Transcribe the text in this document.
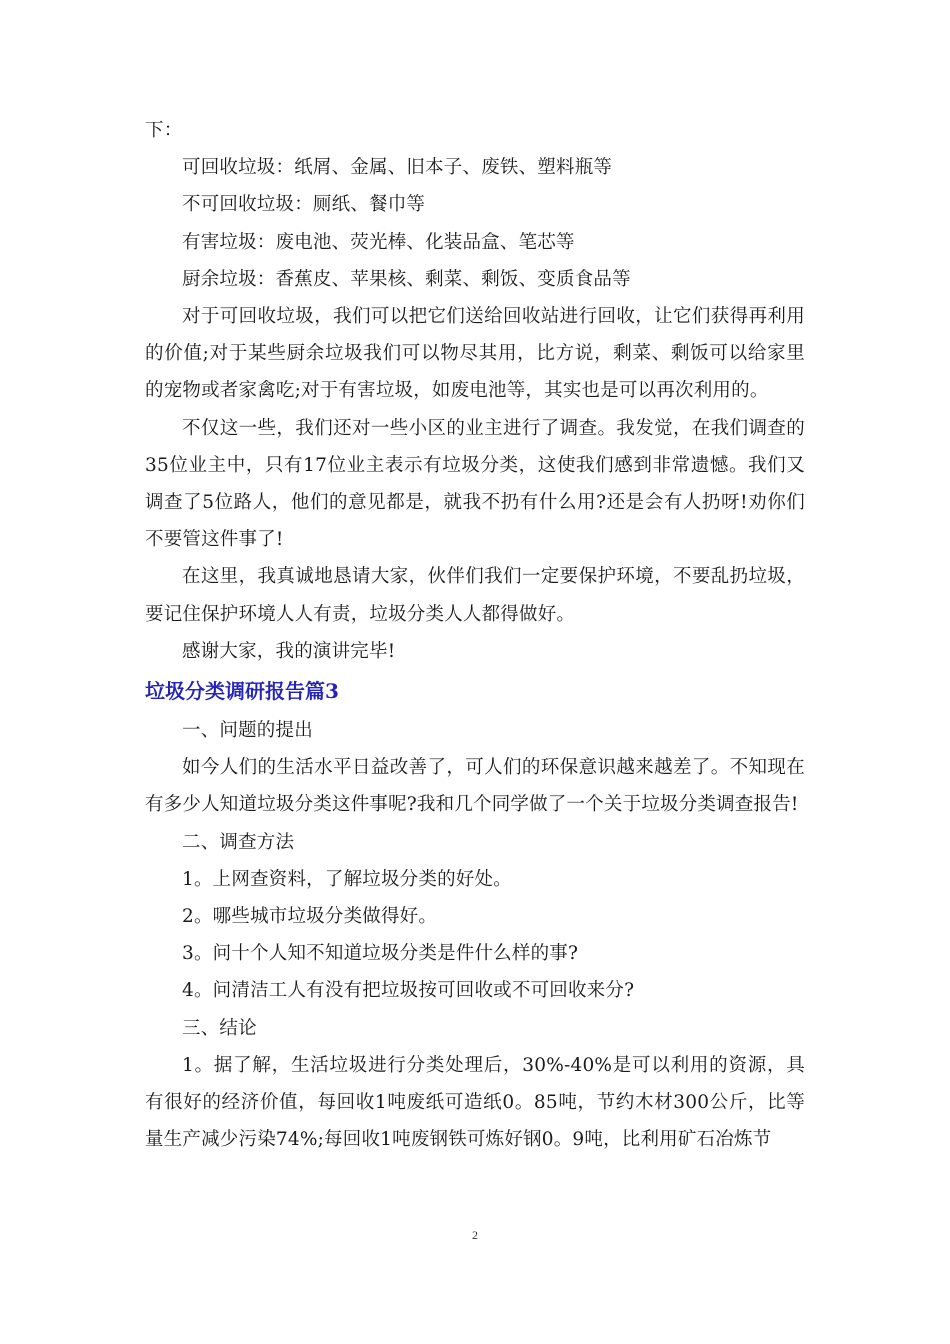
下：

可回收垃圾：纸屑、金属、旧本子、废铁、塑料瓶等

不可回收垃圾：厕纸、餐巾等

有害垃圾：废电池、荧光棒、化装品盒、笔芯等

厨余垃圾：香蕉皮、苹果核、剩菜、剩饭、变质食品等

对于可回收垃圾，我们可以把它们送给回收站进行回收，让它们获得再利用的价值;对于某些厨余垃圾我们可以物尽其用，比方说，剩菜、剩饭可以给家里的宠物或者家禽吃;对于有害垃圾，如废电池等，其实也是可以再次利用的。

不仅这一些，我们还对一些小区的业主进行了调查。我发觉，在我们调查的35位业主中，只有17位业主表示有垃圾分类，这使我们感到非常遗憾。我们又调查了5位路人，他们的意见都是，就我不扔有什么用?还是会有人扔呀!劝你们不要管这件事了!

在这里，我真诚地恳请大家，伙伴们我们一定要保护环境，不要乱扔垃圾，要记住保护环境人人有责，垃圾分类人人都得做好。

感谢大家，我的演讲完毕!

垃圾分类调研报告篇3

一、问题的提出

如今人们的生活水平日益改善了，可人们的环保意识越来越差了。不知现在有多少人知道垃圾分类这件事呢?我和几个同学做了一个关于垃圾分类调查报告!

二、调查方法

1。上网查资料，了解垃圾分类的好处。

2。哪些城市垃圾分类做得好。

3。问十个人知不知道垃圾分类是件什么样的事?

4。问清洁工人有没有把垃圾按可回收或不可回收来分?

三、结论

1。据了解，生活垃圾进行分类处理后，30%-40%是可以利用的资源，具有很好的经济价值，每回收1吨废纸可造纸0。85吨，节约木材300公斤，比等量生产减少污染74%;每回收1吨废钢铁可炼好钢0。9吨，比利用矿石冶炼节

2
